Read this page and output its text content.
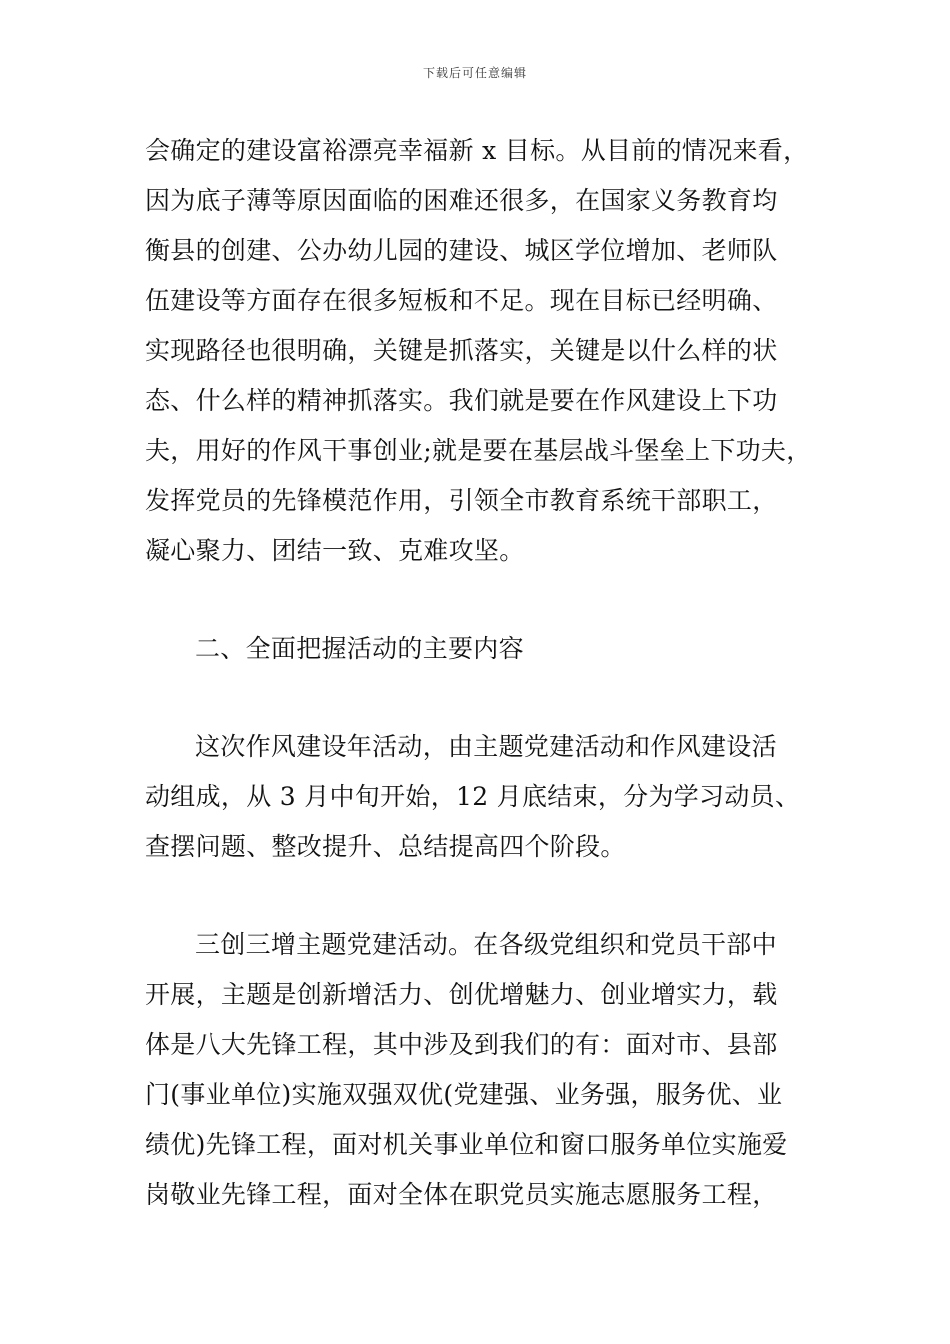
下载后可任意编辑
会确定的建设富裕漂亮幸福新 x 目标。从目前的情况来看，
因为底子薄等原因面临的困难还很多，在国家义务教育均
衡县的创建、公办幼儿园的建设、城区学位增加、老师队
伍建设等方面存在很多短板和不足。现在目标已经明确、
实现路径也很明确，关键是抓落实，关键是以什么样的状
态、什么样的精神抓落实。我们就是要在作风建设上下功
夫，用好的作风干事创业;就是要在基层战斗堡垒上下功夫，
发挥党员的先锋模范作用，引领全市教育系统干部职工，
凝心聚力、团结一致、克难攻坚。
二、全面把握活动的主要内容
这次作风建设年活动，由主题党建活动和作风建设活
动组成，从 3 月中旬开始，12 月底结束，分为学习动员、
查摆问题、整改提升、总结提高四个阶段。
三创三增主题党建活动。在各级党组织和党员干部中
开展，主题是创新增活力、创优增魅力、创业增实力，载
体是八大先锋工程，其中涉及到我们的有：面对市、县部
门(事业单位)实施双强双优(党建强、业务强，服务优、业
绩优)先锋工程，面对机关事业单位和窗口服务单位实施爱
岗敬业先锋工程，面对全体在职党员实施志愿服务工程，
